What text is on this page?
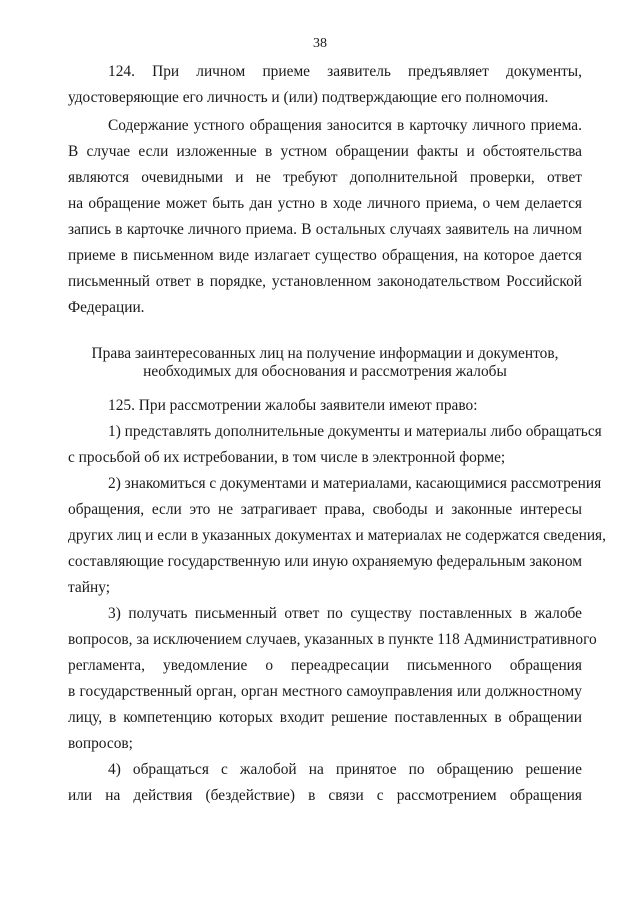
38
124. При личном приеме заявитель предъявляет документы,
удостоверяющие его личность и (или) подтверждающие его полномочия.
Содержание устного обращения заносится в карточку личного приема.
В случае если изложенные в устном обращении факты и обстоятельства
являются очевидными и не требуют дополнительной проверки, ответ
на обращение может быть дан устно в ходе личного приема, о чем делается
запись в карточке личного приема. В остальных случаях заявитель на личном
приеме в письменном виде излагает существо обращения, на которое дается
письменный ответ в порядке, установленном законодательством Российской
Федерации.
Права заинтересованных лиц на получение информации и документов,
необходимых для обоснования и рассмотрения жалобы
125. При рассмотрении жалобы заявители имеют право:
1) представлять дополнительные документы и материалы либо обращаться
с просьбой об их истребовании, в том числе в электронной форме;
2) знакомиться с документами и материалами, касающимися рассмотрения
обращения, если это не затрагивает права, свободы и законные интересы
других лиц и если в указанных документах и материалах не содержатся сведения,
составляющие государственную или иную охраняемую федеральным законом
тайну;
3) получать письменный ответ по существу поставленных в жалобе
вопросов, за исключением случаев, указанных в пункте 118 Административного
регламента, уведомление о переадресации письменного обращения
в государственный орган, орган местного самоуправления или должностному
лицу, в компетенцию которых входит решение поставленных в обращении
вопросов;
4) обращаться с жалобой на принятое по обращению решение
или на действия (бездействие) в связи с рассмотрением обращения
